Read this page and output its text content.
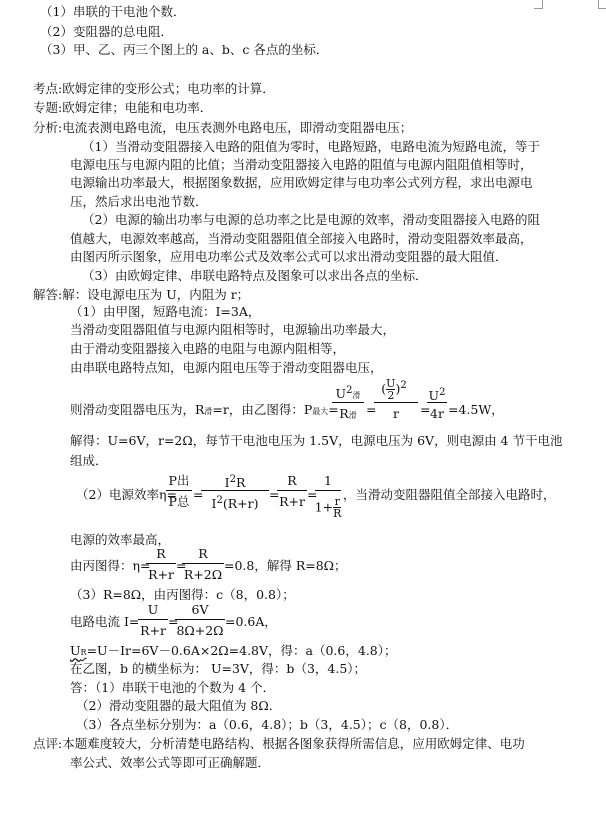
（1）串联的干电池个数．
（2）变阻器的总电阻．
（3）甲、乙、丙三个图上的 a、b、c 各点的坐标．
考点:欧姆定律的变形公式；电功率的计算．
专题:欧姆定律；电能和电功率．
分析:电流表测电路电流，电压表测外电路电压，即滑动变阻器电压；
（1）当滑动变阻器接入电路的阻值为零时，电路短路，电路电流为短路电流，等于
电源电压与电源内阻的比值；当滑动变阻器接入电路的阻值与电源内阻阻值相等时，
电源输出功率最大，根据图象数据，应用欧姆定律与电功率公式列方程，求出电源电
压，然后求出电池节数．
（2）电源的输出功率与电源的总功率之比是电源的效率，滑动变阻器接入电路的阻
值越大，电源效率越高，当滑动变阻器阻值全部接入电路时，滑动变阻器效率最高，
由图丙所示图象，应用电功率公式及效率公式可以求出滑动变阻器的最大阻值．
（3）由欧姆定律、串联电路特点及图象可以求出各点的坐标．
解答:解：设电源电压为 U，内阻为 r；
（1）由甲图，短路电流：I=3A，
当滑动变阻器阻值与电源内阻相等时，电源输出功率最大，
由于滑动变阻器接入电路的电阻与电源内阻相等，
由串联电路特点知，电源内阻电压等于滑动变阻器电压，
则滑动变阻器电压为，R滑=r，由乙图得：P最大=
$U^2$滑
R滑 =
( $\frac{U}{2} )^2$
r	=
$U^2$
4r =4.5W，
解得：U=6V，r=2Ω，每节干电池电压为 1.5V，电源电压为 6V，则电源由 4 节干电池
组成．
（2）电源效率η=
P出
P总 =
$I^2R$
$I^2(R+r)$
=
R
R+r =
1
$1+ \frac{r}{R}$
，当滑动变阻器阻值全部接入电路时，
电源的效率最高，
由丙图得：η=
R
R+r
=
R
R+2Ω
=0.8，解得 R=8Ω；
（3）R=8Ω，由丙图得：c（8，0.8）；
电路电流 I=
U
R+r
=
6V
8Ω+2Ω
=0.6A，
UR=U－Ir=6V－0.6A×2Ω=4.8V，得：a（0.6，4.8）；
在乙图，b 的横坐标为： U=3V，得：b（3，4.5）；
答：（1）串联干电池的个数为 4 个．
（2）滑动变阻器的最大阻值为 8Ω．
（3）各点坐标分别为：a（0.6，4.8）；b（3，4.5）；c（8，0.8）．
点评:本题难度较大，分析清楚电路结构、根据各图象获得所需信息，应用欧姆定律、电功
率公式、效率公式等即可正确解题．
